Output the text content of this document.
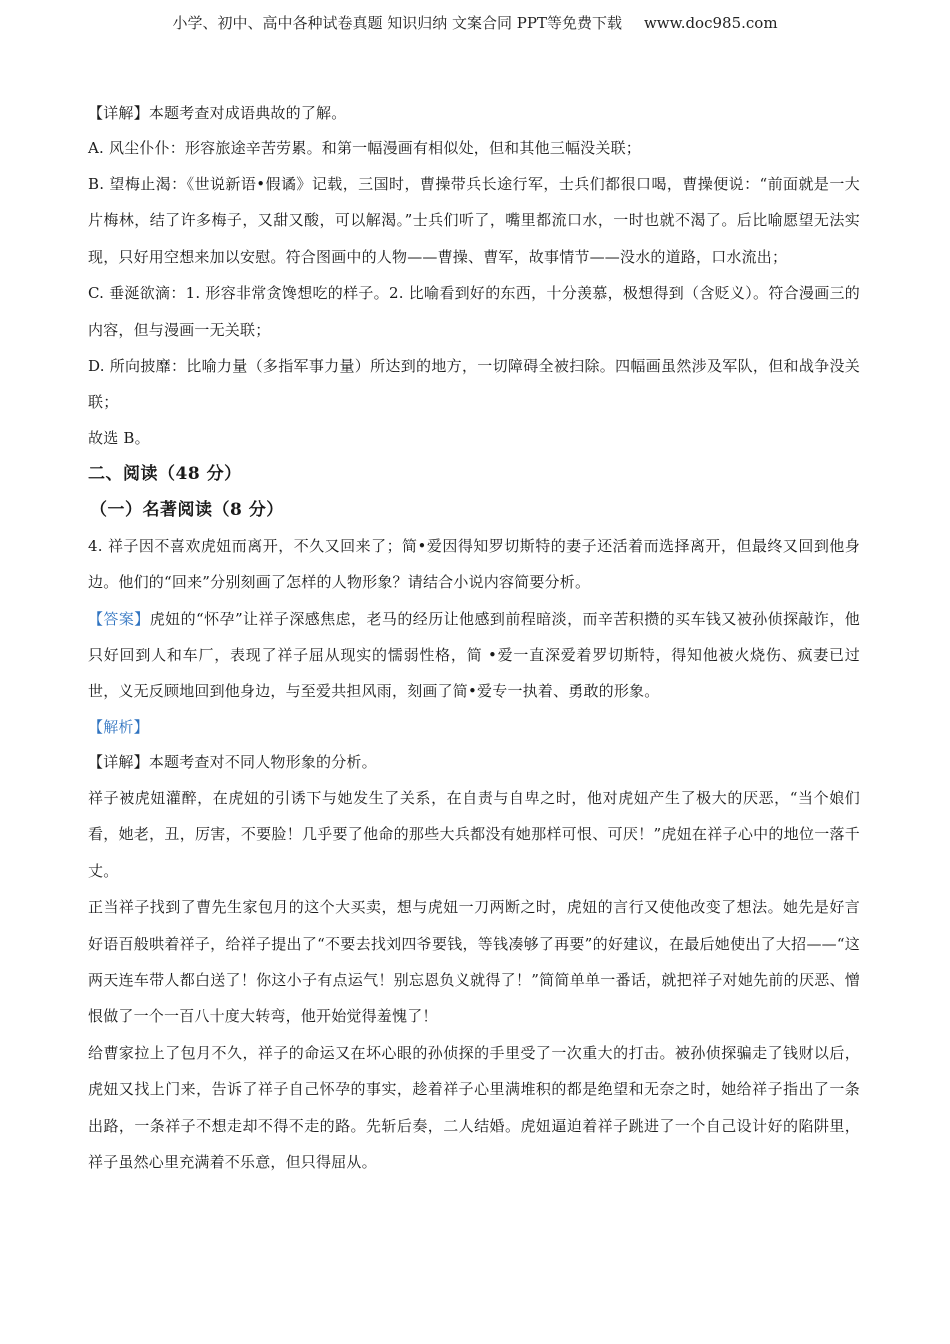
小学、初中、高中各种试卷真题 知识归纳 文案合同 PPT等免费下载 www.doc985.com

【详解】本题考查对成语典故的了解。

A. 风尘仆仆：形容旅途辛苦劳累。和第一幅漫画有相似处，但和其他三幅没关联；

B. 望梅止渴：《世说新语•假谲》记载，三国时，曹操带兵长途行军，士兵们都很口喝，曹操便说：“前面就是一大片梅林，结了许多梅子，又甜又酸，可以解渴。”士兵们听了，嘴里都流口水，一时也就不渴了。后比喻愿望无法实现，只好用空想来加以安慰。符合图画中的人物——曹操、曹军，故事情节——没水的道路，口水流出；

C. 垂涎欲滴：1. 形容非常贪馋想吃的样子。2. 比喻看到好的东西，十分羡慕，极想得到（含贬义）。符合漫画三的内容，但与漫画一无关联；

D. 所向披靡：比喻力量（多指军事力量）所达到的地方，一切障碍全被扫除。四幅画虽然涉及军队，但和战争没关联；

故选 B。

二、阅读（48 分）

（一）名著阅读（8 分）

4. 祥子因不喜欢虎妞而离开，不久又回来了；简•爱因得知罗切斯特的妻子还活着而选择离开，但最终又回到他身边。他们的“回来”分别刻画了怎样的人物形象？请结合小说内容简要分析。

【答案】虎妞的“怀孕”让祥子深感焦虑，老马的经历让他感到前程暗淡，而辛苦积攒的买车钱又被孙侦探敲诈，他只好回到人和车厂，表现了祥子屈从现实的懦弱性格，简 •爱一直深爱着罗切斯特，得知他被火烧伤、疯妻已过世，义无反顾地回到他身边，与至爱共担风雨，刻画了简•爱专一执着、勇敢的形象。

【解析】

【详解】本题考查对不同人物形象的分析。

祥子被虎妞灌醉，在虎妞的引诱下与她发生了关系，在自责与自卑之时，他对虎妞产生了极大的厌恶，“当个娘们看，她老，丑，厉害，不要脸！几乎要了他命的那些大兵都没有她那样可恨、可厌！”虎妞在祥子心中的地位一落千丈。

正当祥子找到了曹先生家包月的这个大买卖，想与虎妞一刀两断之时，虎妞的言行又使他改变了想法。她先是好言好语百般哄着祥子，给祥子提出了“不要去找刘四爷要钱，等钱凑够了再要”的好建议，在最后她使出了大招——“这两天连车带人都白送了！你这小子有点运气！别忘恩负义就得了！”简简单单一番话，就把祥子对她先前的厌恶、憎恨做了一个一百八十度大转弯，他开始觉得羞愧了！

给曹家拉上了包月不久，祥子的命运又在坏心眼的孙侦探的手里受了一次重大的打击。被孙侦探骗走了钱财以后，虎妞又找上门来，告诉了祥子自己怀孕的事实，趁着祥子心里满堆积的都是绝望和无奈之时，她给祥子指出了一条出路，一条祥子不想走却不得不走的路。先斩后奏，二人结婚。虎妞逼迫着祥子跳进了一个自己设计好的陷阱里，祥子虽然心里充满着不乐意，但只得屈从。
